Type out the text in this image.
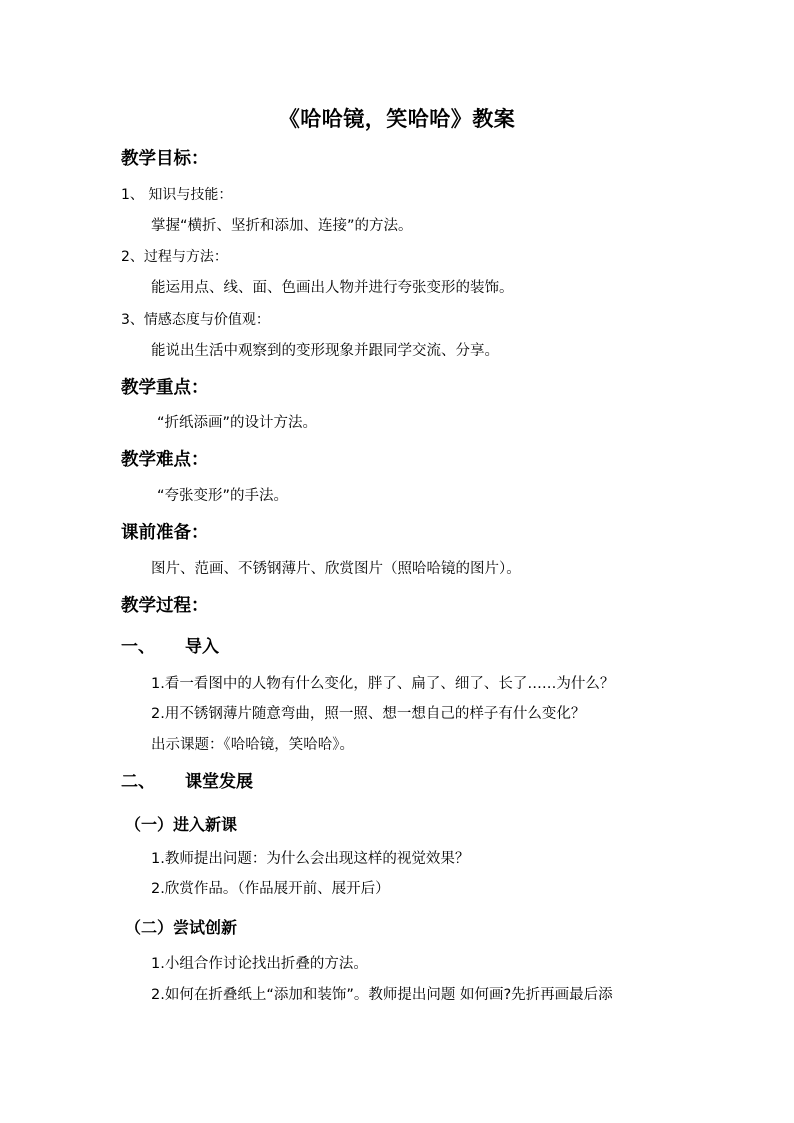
《哈哈镜，笑哈哈》教案
教学目标：
1、 知识与技能：
掌握“横折、坚折和添加、连接”的方法。
2、过程与方法：
能运用点、线、面、色画出人物并进行夸张变形的装饰。
3、情感态度与价值观：
能说出生活中观察到的变形现象并跟同学交流、分享。
教学重点：
“折纸添画”的设计方法。
教学难点：
“夸张变形”的手法。
课前准备：
图片、范画、不锈钢薄片、欣赏图片（照哈哈镜的图片）。
教学过程：
一、 导入
1.看一看图中的人物有什么变化，胖了、扁了、细了、长了……为什么？
2.用不锈钢薄片随意弯曲，照一照、想一想自己的样子有什么变化？
出示课题：《哈哈镜，笑哈哈》。
二、 课堂发展
（一）进入新课
1.教师提出问题：为什么会出现这样的视觉效果？
2.欣赏作品。（作品展开前、展开后）
（二）尝试创新
1.小组合作讨论找出折叠的方法。
2.如何在折叠纸上“添加和装饰”。教师提出问题 如何画?先折再画最后添
